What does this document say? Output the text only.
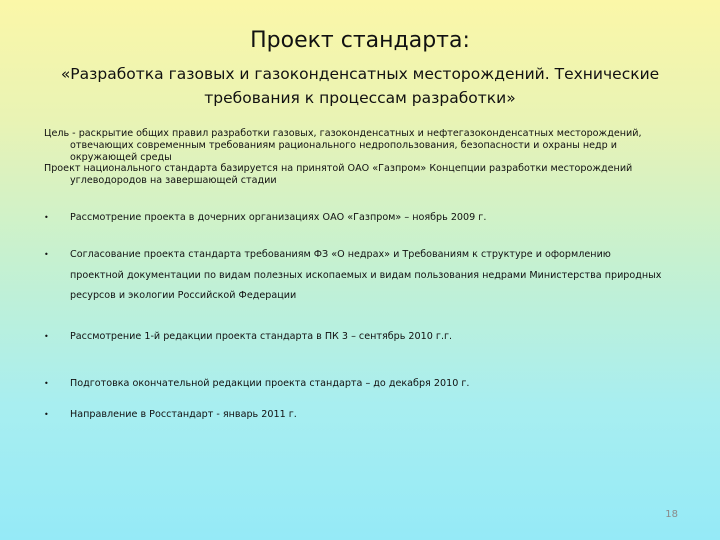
Проект стандарта:
«Разработка газовых и газоконденсатных месторождений. Технические требования к процессам разработки»

Цель - раскрытие общих правил разработки газовых, газоконденсатных и нефтегазоконденсатных месторождений, отвечающих современным требованиям рационального недропользования, безопасности и охраны недр и окружающей среды

Проект национального стандарта базируется на принятой ОАО «Газпром» Концепции разработки месторождений углеводородов на завершающей стадии

•	Рассмотрение проекта в дочерних организациях ОАО «Газпром» – ноябрь 2009 г.
•	Согласование проекта стандарта требованиям ФЗ «О недрах» и Требованиям к структуре и оформлению проектной документации по видам полезных ископаемых и видам пользования недрами Министерства природных ресурсов и экологии Российской Федерации
•	Рассмотрение 1-й редакции проекта стандарта в ПК 3 – сентябрь 2010 г.г.
•	Подготовка окончательной редакции проекта стандарта – до декабря 2010 г.
•	Направление в Росстандарт - январь 2011 г.
18
